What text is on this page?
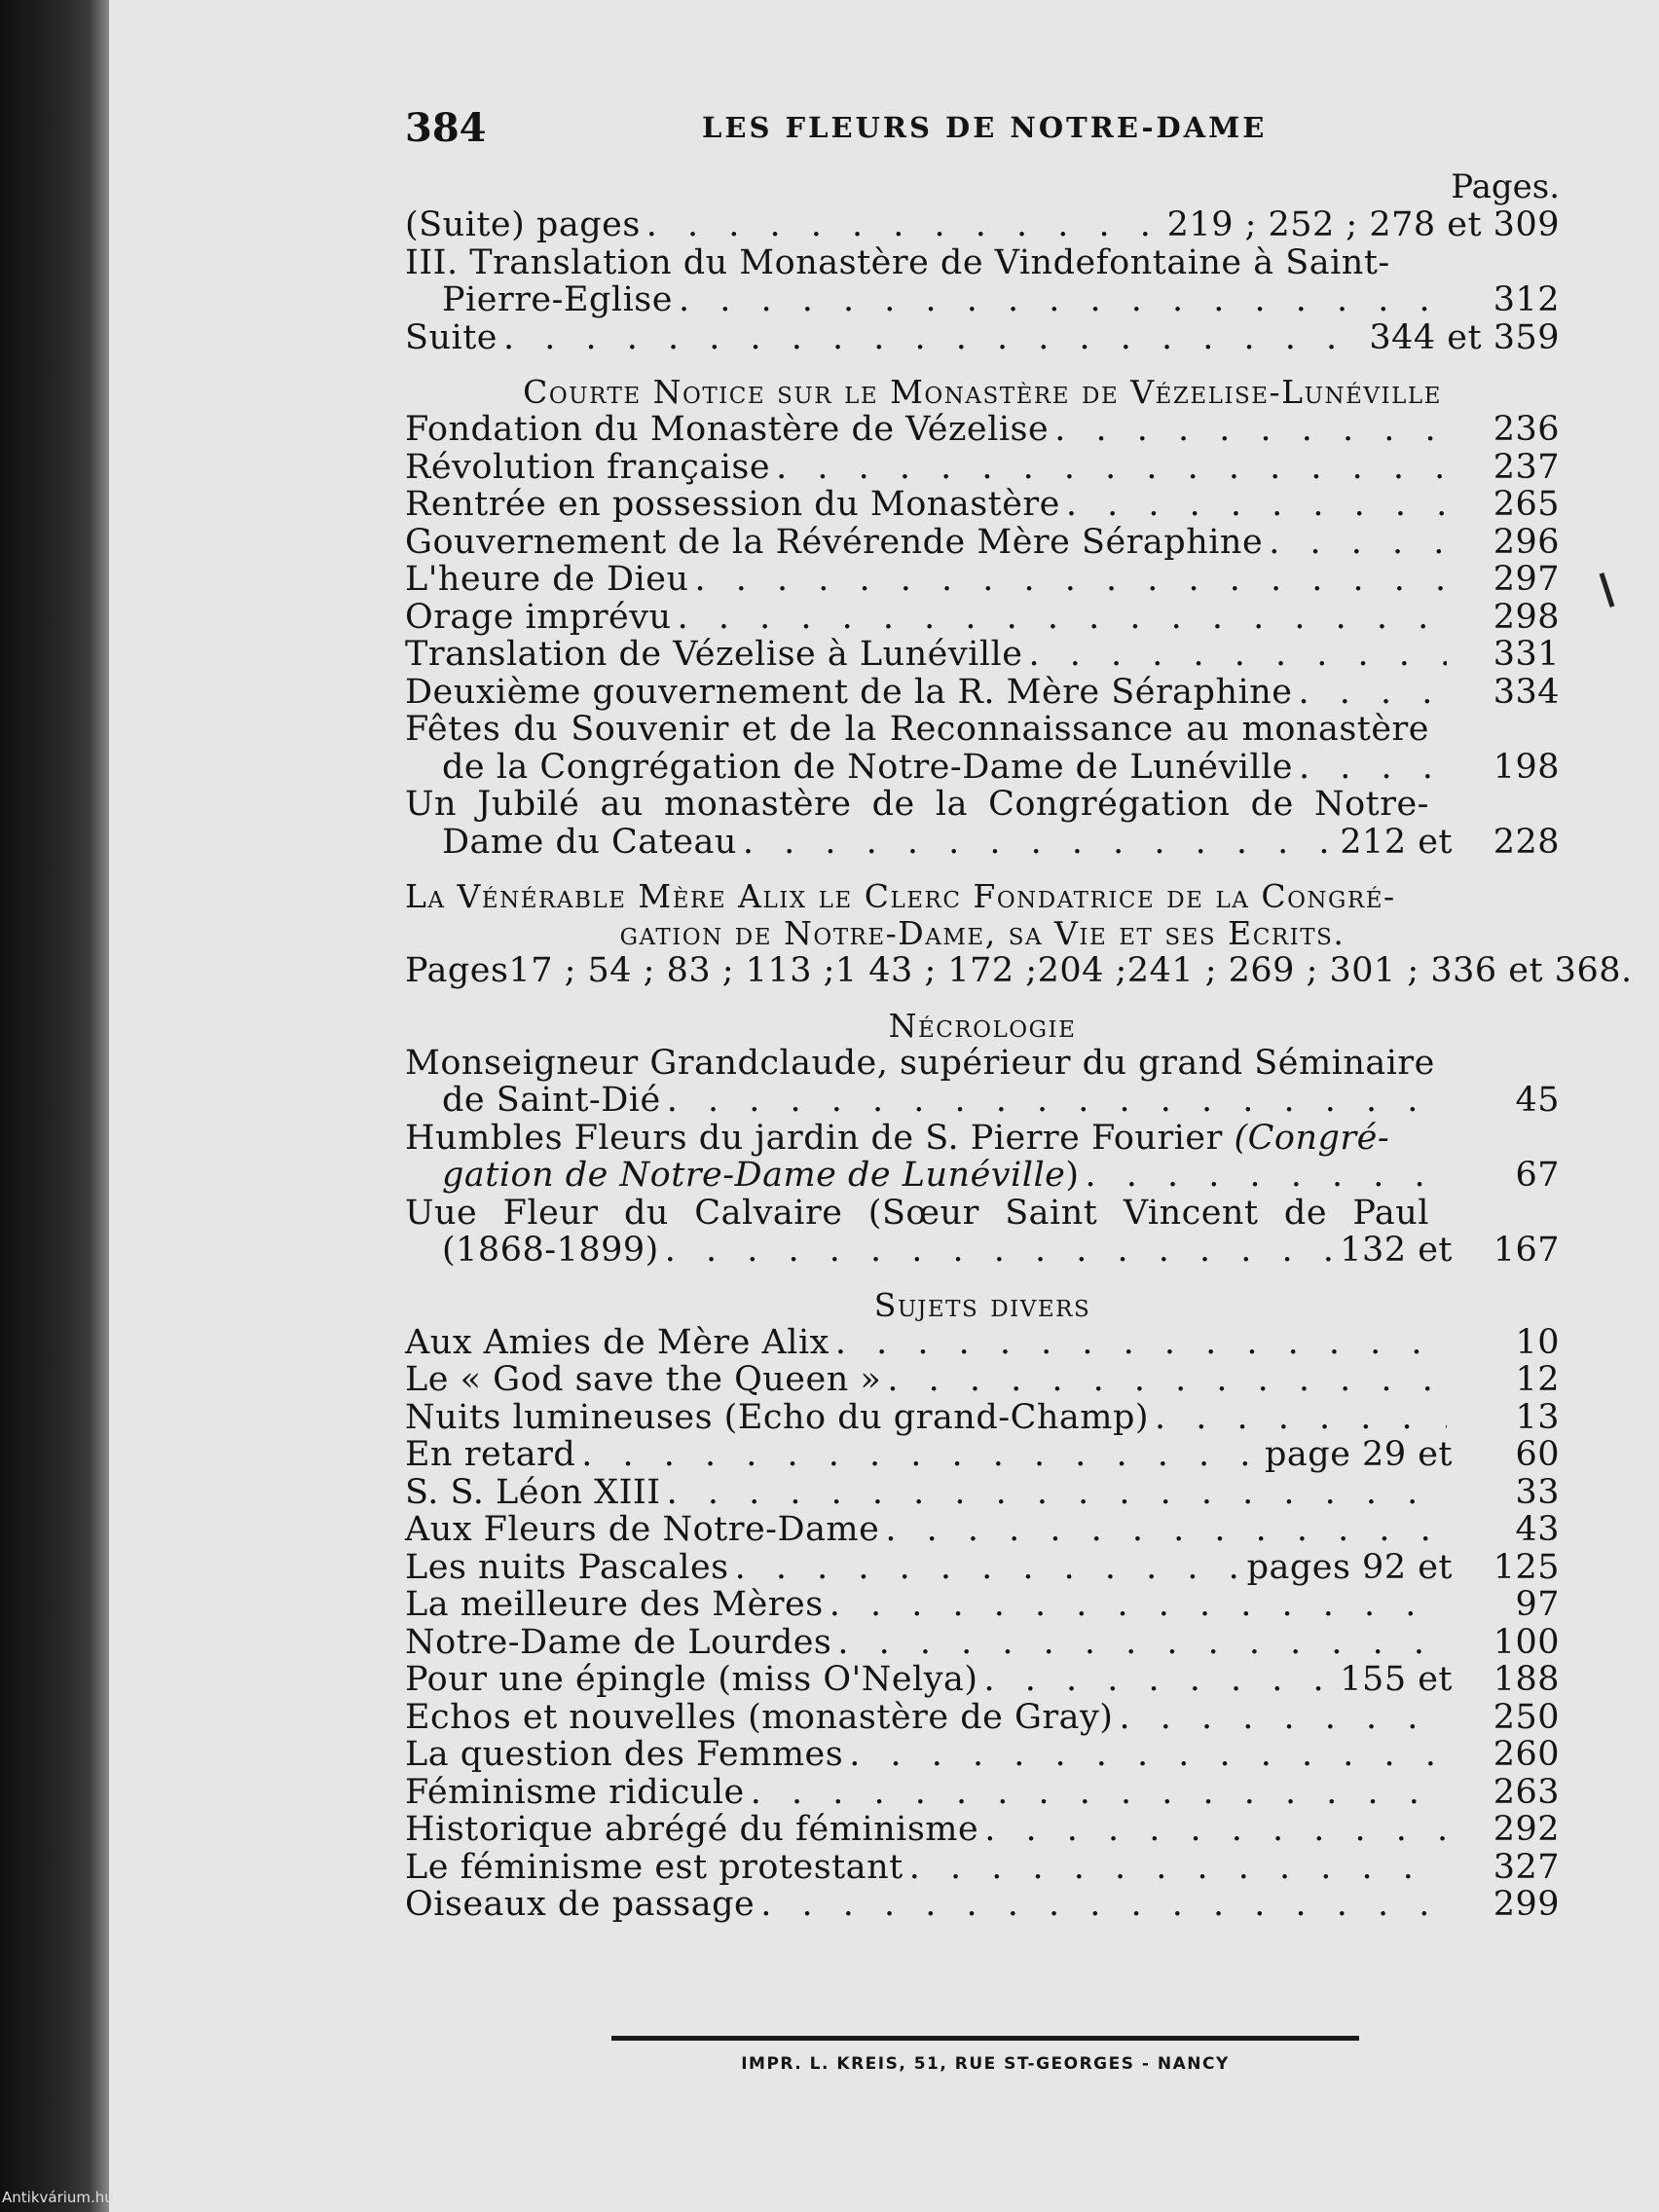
384	LES FLEURS DE NOTRE-DAME
Pages.
(Suite) pages . . .	219 ; 252 ; 278 et 309
III. Translation du Monastère de Vindefontaine à Saint-
Pierre-Eglise . . .	312
Suite . . .	344 et 359
Courte Notice sur le Monastère de Vézelise-Lunéville
Fondation du Monastère de Vézelise . . .	236
Révolution française . . .	237
Rentrée en possession du Monastère . . .	265
Gouvernement de la Révérende Mère Séraphine . . .	296
L'heure de Dieu . . .	297
Orage imprévu . . .	298
Translation de Vézelise à Lunéville . . .	331
Deuxième gouvernement de la R. Mère Séraphine . . .	334
Fêtes du Souvenir et de la Reconnaissance au monastère
de la Congrégation de Notre-Dame de Lunéville . . .	198
Un Jubilé au monastère de la Congrégation de Notre-
Dame du Cateau . . .	212 et	228
La Vénérable Mère Alix le Clerc Fondatrice de la Congré-
gation de Notre-Dame, sa Vie et ses Ecrits.
Pages17 ; 54 ; 83 ; 113 ;1 43 ; 172 ;204 ;241 ; 269 ; 301 ; 336 et 368.
Nécrologie
Monseigneur Grandclaude, supérieur du grand Séminaire
de Saint-Dié . . .	45
Humbles Fleurs du jardin de S. Pierre Fourier (Congré-
gation de Notre-Dame de Lunéville) . . .	67
Uue Fleur du Calvaire (Sœur Saint Vincent de Paul
(1868-1899) . . .	132 et	167
Sujets divers
Aux Amies de Mère Alix . . .	10
Le « God save the Queen » . . .	12
Nuits lumineuses (Echo du grand-Champ) . . .	13
En retard . . .	page 29 et	60
S. S. Léon XIII . . .	33
Aux Fleurs de Notre-Dame . . .	43
Les nuits Pascales . . .	pages 92 et	125
La meilleure des Mères . . .	97
Notre-Dame de Lourdes . . .	100
Pour une épingle (miss O'Nelya) . . .	155 et	188
Echos et nouvelles (monastère de Gray) . . .	250
La question des Femmes . . .	260
Féminisme ridicule . . .	263
Historique abrégé du féminisme . . .	292
Le féminisme est protestant . . .	327
Oiseaux de passage . . .	299
IMPR. L. KREIS, 51, RUE ST-GEORGES - NANCY
Antikvárium.hu
